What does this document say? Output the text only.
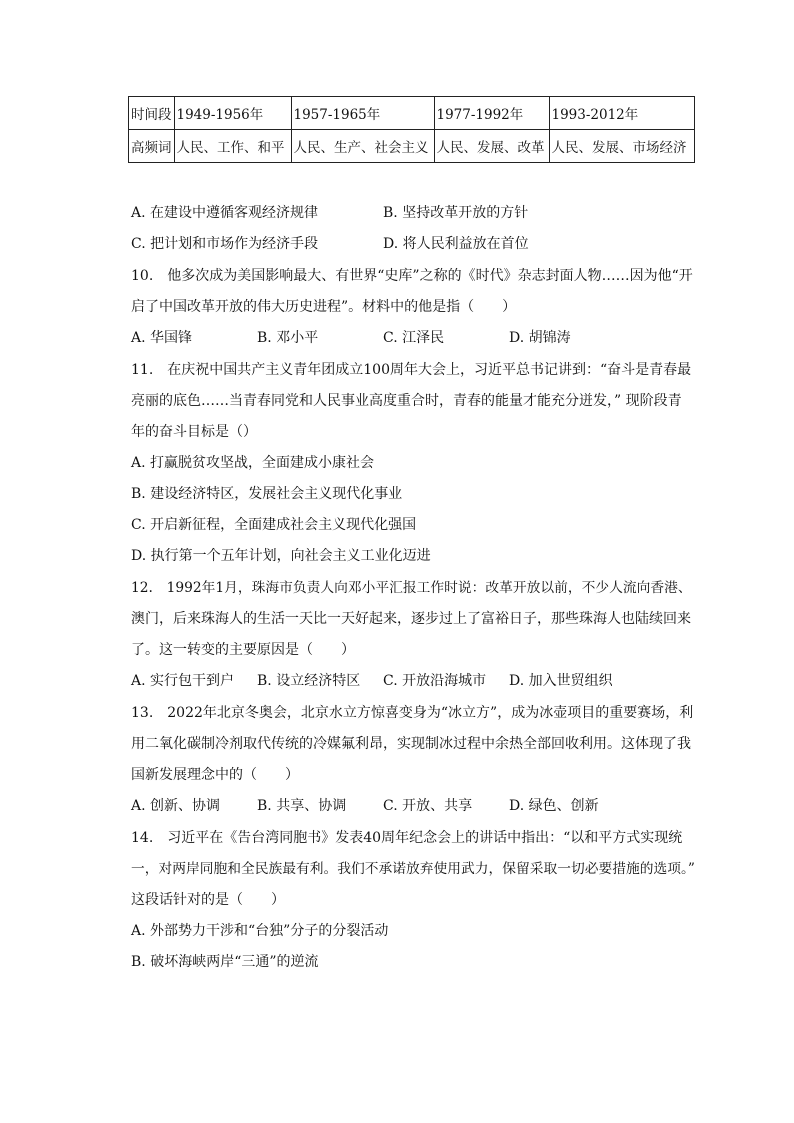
时间段	1949-1956年	1957-1965年	1977-1992年	1993-2012年
高频词	人民、工作、和平	人民、生产、社会主义	人民、发展、改革	人民、发展、市场经济
A. 在建设中遵循客观经济规律	B. 坚持改革开放的方针
C. 把计划和市场作为经济手段	D. 将人民利益放在首位
10.　他多次成为美国影响最大、有世界“史库”之称的《时代》杂志封面人物……因为他“开
启了中国改革开放的伟大历史进程”。材料中的他是指（　　）
A. 华国锋	B. 邓小平	C. 江泽民	D. 胡锦涛
11.　在庆祝中国共产主义青年团成立100周年大会上，习近平总书记讲到：“奋斗是青春最
亮丽的底色……当青春同党和人民事业高度重合时，青春的能量才能充分迸发，” 现阶段青
年的奋斗目标是（）
A. 打赢脱贫攻坚战，全面建成小康社会
B. 建设经济特区，发展社会主义现代化事业
C. 开启新征程，全面建成社会主义现代化强国
D. 执行第一个五年计划，向社会主义工业化迈进
12.　1992年1月，珠海市负责人向邓小平汇报工作时说：改革开放以前，不少人流向香港、
澳门，后来珠海人的生活一天比一天好起来，逐步过上了富裕日子，那些珠海人也陆续回来
了。这一转变的主要原因是（　　）
A. 实行包干到户 B. 设立经济特区 C. 开放沿海城市 D. 加入世贸组织
13.　2022年北京冬奥会，北京水立方惊喜变身为“冰立方”，成为冰壶项目的重要赛场，利
用二氧化碳制冷剂取代传统的冷媒氟利昂，实现制冰过程中余热全部回收利用。这体现了我
国新发展理念中的（　　）
A. 创新、协调	B. 共享、协调	C. 开放、共享	D. 绿色、创新
14.　习近平在《告台湾同胞书》发表40周年纪念会上的讲话中指出：“以和平方式实现统
一，对两岸同胞和全民族最有利。我们不承诺放弃使用武力，保留采取一切必要措施的选项。”
这段话针对的是（　　）
A. 外部势力干涉和“台独”分子的分裂活动
B. 破坏海峡两岸“三通”的逆流
